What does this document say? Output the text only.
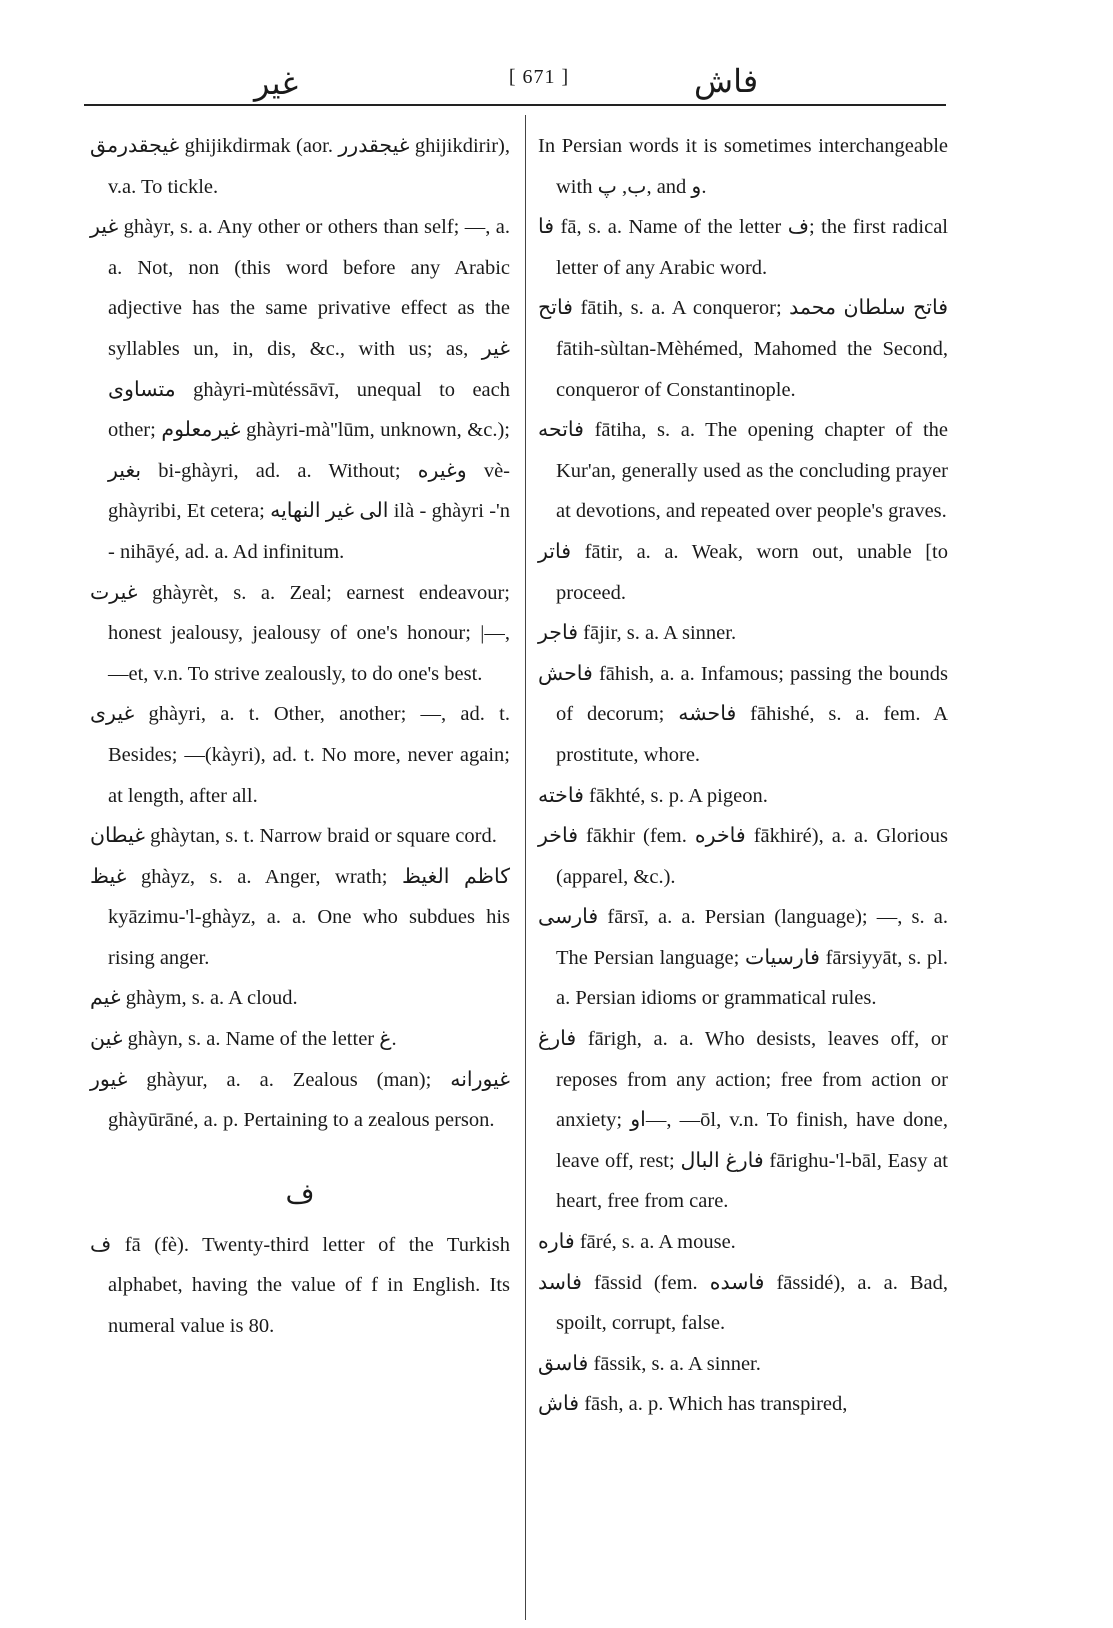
غير	[ 671 ]	فاش

غيجقدرمق ghijikdirmak (aor. غيجقدرر ghijikdirir), v.a. To tickle.

غير ghàyr, s. a. Any other or others than self; —, a. a. Not, non (this word before any Arabic adjective has the same privative effect as the syllables un, in, dis, &c., with us; as, غير متساوى ghàyri-mùtéssāvī, unequal to each other; غيرمعلوم ghàyri-mà''lūm, unknown, &c.); بغير bi-ghàyri, ad. a. Without; وغيره vè-ghàyribi, Et cetera; الى غير النهايه ilà - ghàyri -'n - nihāyé, ad. a. Ad infinitum.

غيرت ghàyrèt, s. a. Zeal; earnest endeavour; honest jealousy, jealousy of one's honour; |—, —et, v.n. To strive zealously, to do one's best.

غيرى ghàyri, a. t. Other, another; —, ad. t. Besides; —(kàyri), ad. t. No more, never again; at length, after all.

غيطان ghàytan, s. t. Narrow braid or square cord.

غيظ ghàyz, s. a. Anger, wrath; كاظم الغيظ kyāzimu-'l-ghàyz, a. a. One who subdues his rising anger.

غيم ghàym, s. a. A cloud.

غين ghàyn, s. a. Name of the letter غ.

غيور ghàyur, a. a. Zealous (man); غيورانه ghàyūrāné, a. p. Pertaining to a zealous person.

ف

ف fā (fè). Twenty-third letter of the Turkish alphabet, having the value of f in English. Its numeral value is 80.

In Persian words it is sometimes interchangeable with ب, پ, and و.

فا fā, s. a. Name of the letter ف; the first radical letter of any Arabic word.

فاتح fātih, s. a. A conqueror; فاتح سلطان محمد fātih-sùltan-Mèhémed, Mahomed the Second, conqueror of Constantinople.

فاتحه fātiha, s. a. The opening chapter of the Kur'an, generally used as the concluding prayer at devotions, and repeated over people's graves.

فاتر fātir, a. a. Weak, worn out, unable [to proceed.

فاجر fājir, s. a. A sinner.

فاحش fāhish, a. a. Infamous; passing the bounds of decorum; فاحشه fāhishé, s. a. fem. A prostitute, whore.

فاخته fākhté, s. p. A pigeon.

فاخر fākhir (fem. فاخره fākhiré), a. a. Glorious (apparel, &c.).

فارسى fārsī, a. a. Persian (language); —, s. a. The Persian language; فارسيات fārsiyyāt, s. pl. a. Persian idioms or grammatical rules.

فارغ fārigh, a. a. Who desists, leaves off, or reposes from any action; free from action or anxiety; او—, —ōl, v.n. To finish, have done, leave off, rest; فارغ البال fārighu-'l-bāl, Easy at heart, free from care.

فاره fāré, s. a. A mouse.

فاسد fāssid (fem. فاسده fāssidé), a. a. Bad, spoilt, corrupt, false.

فاسق fāssik, s. a. A sinner.

فاش fāsh, a. p. Which has transpired,
